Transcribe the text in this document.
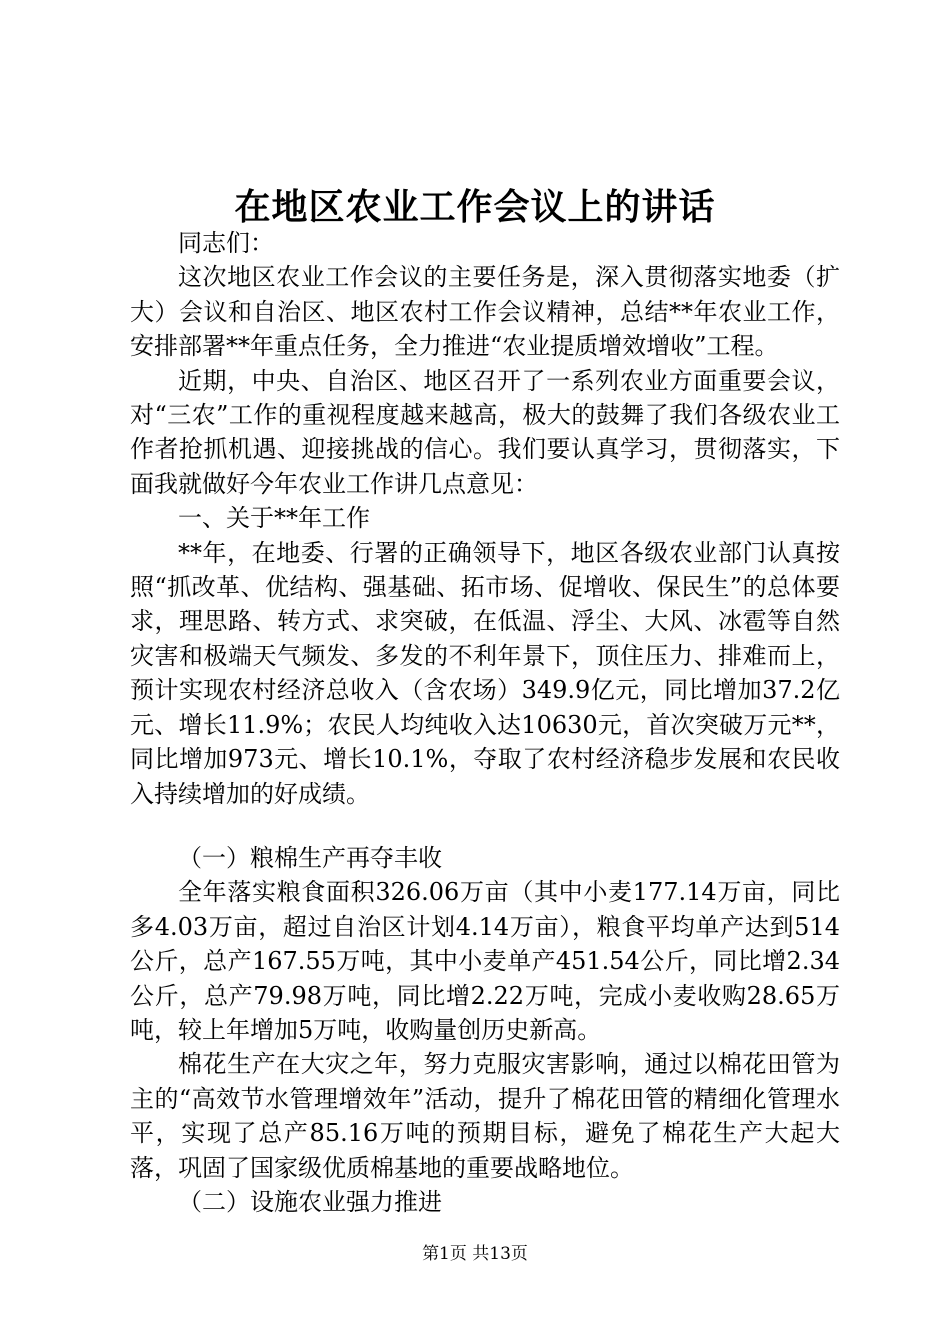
在地区农业工作会议上的讲话

同志们：

这次地区农业工作会议的主要任务是，深入贯彻落实地委（扩大）会议和自治区、地区农村工作会议精神，总结**年农业工作，安排部署**年重点任务，全力推进“农业提质增效增收”工程。

近期，中央、自治区、地区召开了一系列农业方面重要会议，对“三农”工作的重视程度越来越高，极大的鼓舞了我们各级农业工作者抢抓机遇、迎接挑战的信心。我们要认真学习，贯彻落实，下面我就做好今年农业工作讲几点意见：

一、关于**年工作

**年，在地委、行署的正确领导下，地区各级农业部门认真按照“抓改革、优结构、强基础、拓市场、促增收、保民生”的总体要求，理思路、转方式、求突破，在低温、浮尘、大风、冰雹等自然灾害和极端天气频发、多发的不利年景下，顶住压力、排难而上，预计实现农村经济总收入（含农场）349.9亿元，同比增加37.2亿元、增长11.9%；农民人均纯收入达10630元，首次突破万元**，同比增加973元、增长10.1%，夺取了农村经济稳步发展和农民收入持续增加的好成绩。

（一）粮棉生产再夺丰收

全年落实粮食面积326.06万亩（其中小麦177.14万亩，同比多4.03万亩，超过自治区计划4.14万亩），粮食平均单产达到514公斤，总产167.55万吨，其中小麦单产451.54公斤，同比增2.34公斤，总产79.98万吨，同比增2.22万吨，完成小麦收购28.65万吨，较上年增加5万吨，收购量创历史新高。

棉花生产在大灾之年，努力克服灾害影响，通过以棉花田管为主的“高效节水管理增效年”活动，提升了棉花田管的精细化管理水平，实现了总产85.16万吨的预期目标，避免了棉花生产大起大落，巩固了国家级优质棉基地的重要战略地位。

（二）设施农业强力推进

第1页 共13页
